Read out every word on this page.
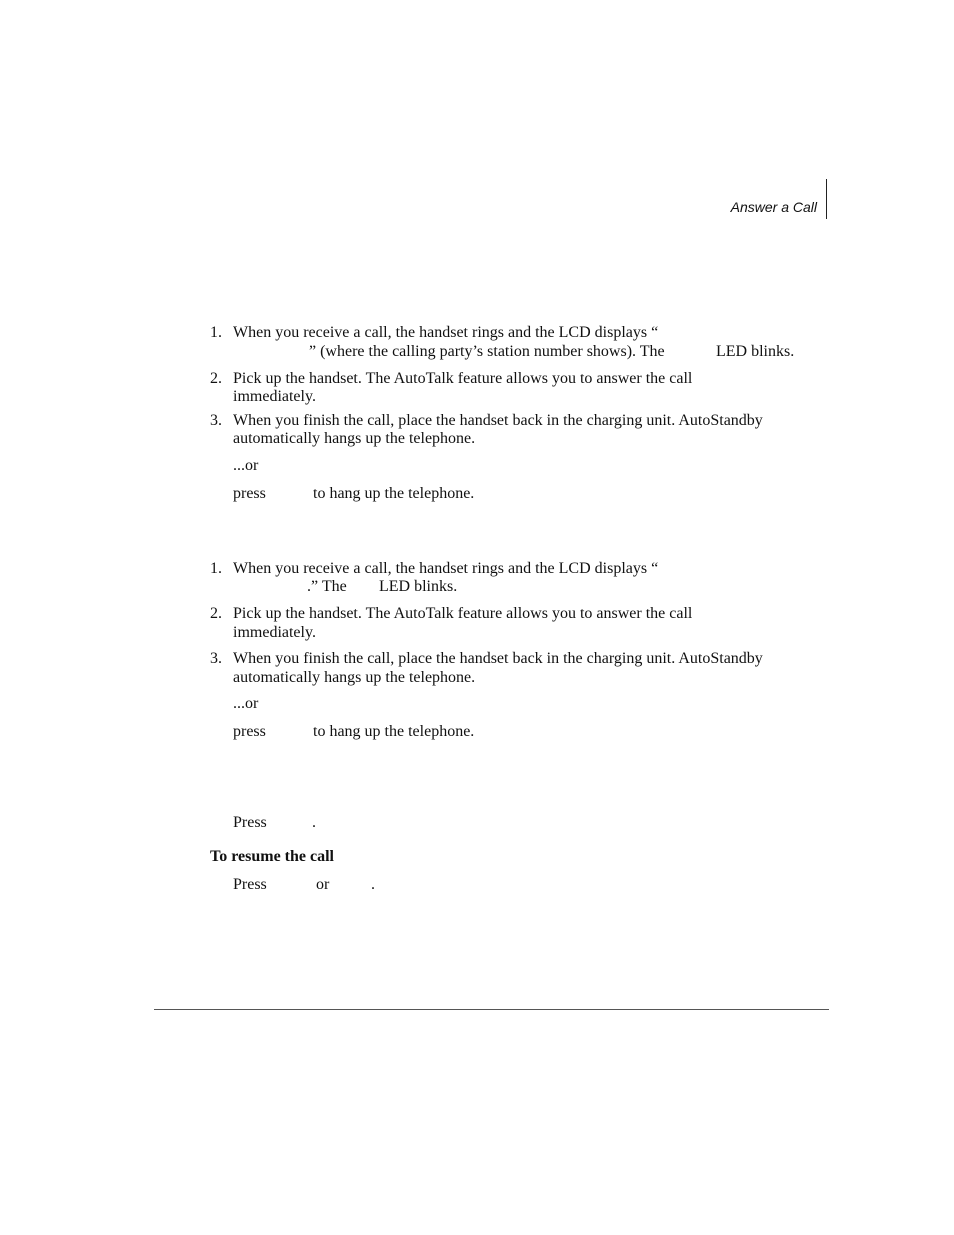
Answer a Call
1. When you receive a call, the handset rings and the LCD displays “
” (where the calling party’s station number shows). The	LED blinks.
2. Pick up the handset. The AutoTalk feature allows you to answer the call
immediately.
3. When you finish the call, place the handset back in the charging unit. AutoStandby
automatically hangs up the telephone.
...or
press	to hang up the telephone.
1. When you receive a call, the handset rings and the LCD displays “
.” The LED blinks.
2. Pick up the handset. The AutoTalk feature allows you to answer the call
immediately.
3. When you finish the call, place the handset back in the charging unit. AutoStandby
automatically hangs up the telephone.
...or
press	to hang up the telephone.
Press	.
To resume the call
Press	or	.
